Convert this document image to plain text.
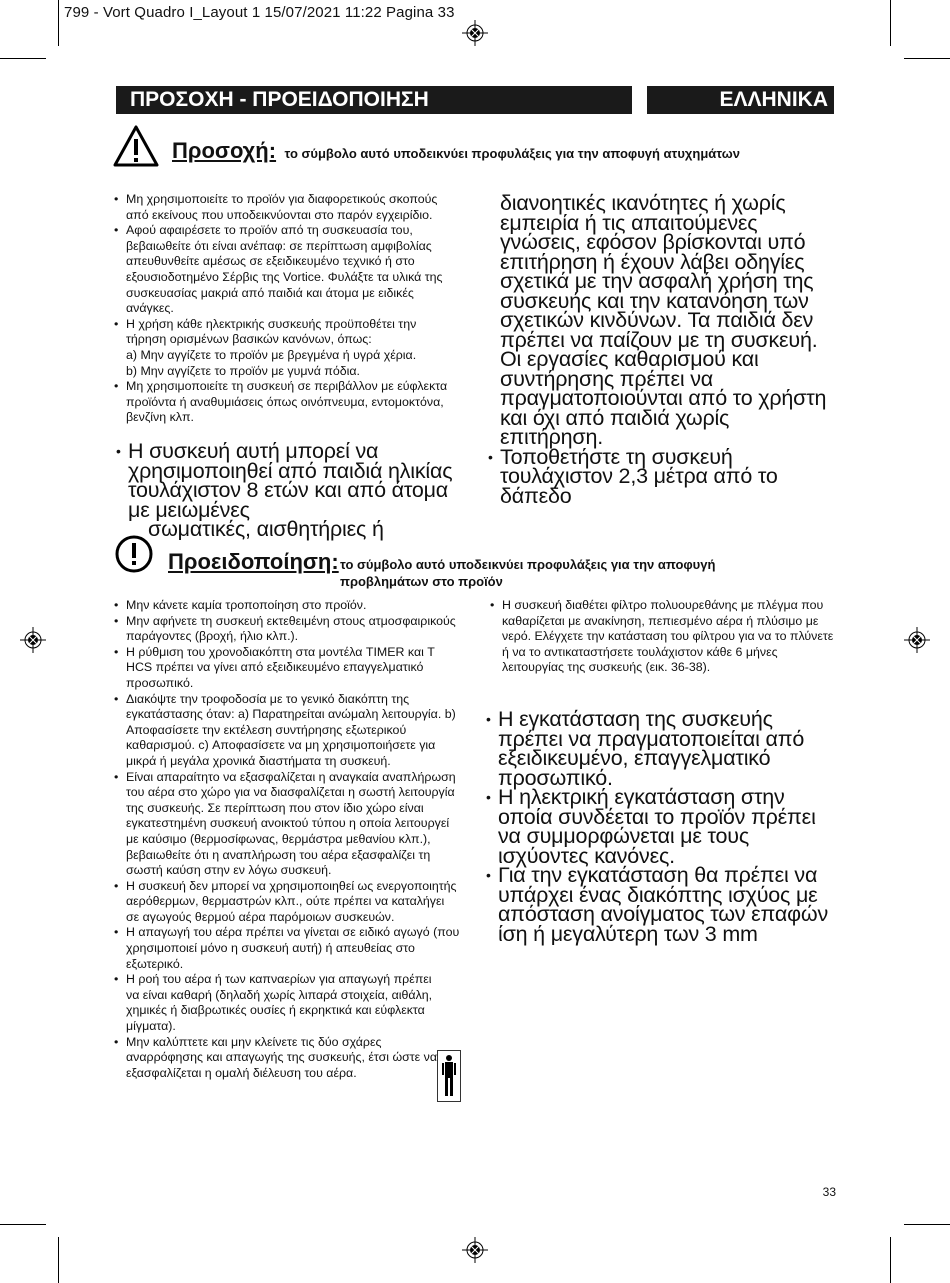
799 - Vort Quadro I_Layout 1 15/07/2021 11:22 Pagina 33
ΠΡΟΣΟΧΗ - ΠΡΟΕΙΔΟΠΟΙΗΣΗ	ΕΛΛΗΝΙΚΑ
Προσοχή: το σύμβολο αυτό υποδεικνύει προφυλάξεις για την αποφυγή ατυχημάτων
• Μη χρησιμοποιείτε το προϊόν για διαφορετικούς σκοπούς από εκείνους που υποδεικνύονται στο παρόν εγχειρίδιο.
• Αφού αφαιρέσετε το προϊόν από τη συσκευασία του, βεβαιωθείτε ότι είναι ανέπαφ: σε περίπτωση αμφιβολίας απευθυνθείτε αμέσως σε εξειδικευμένο τεχνικό ή στο εξουσιοδοτημένο Σέρβις της Vortice. Φυλάξτε τα υλικά της συσκευασίας μακριά από παιδιά και άτομα με ειδικές ανάγκες.
• Η χρήση κάθε ηλεκτρικής συσκευής προϋποθέτει την τήρηση ορισμένων βασικών κανόνων, όπως:
a) Μην αγγίζετε το προϊόν με βρεγμένα ή υγρά χέρια.
b) Μην αγγίζετε το προϊόν με γυμνά πόδια.
• Μη χρησιμοποιείτε τη συσκευή σε περιβάλλον με εύφλεκτα προϊόντα ή αναθυμιάσεις όπως οινόπνευμα, εντομοκτόνα, βενζίνη κλπ.
• Η συσκευή αυτή μπορεί να χρησιμοποιηθεί από παιδιά ηλικίας τουλάχιστον 8 ετών και από άτομα με μειωμένες
σωματικές, αισθητήριες ή
διανοητικές ικανότητες ή χωρίς εμπειρία ή τις απαιτούμενες γνώσεις, εφόσον βρίσκονται υπό επιτήρηση ή έχουν λάβει οδηγίες σχετικά με την ασφαλή χρήση της συσκευής και την κατανόηση των σχετικών κινδύνων. Τα παιδιά δεν πρέπει να παίζουν με τη συσκευή. Οι εργασίες καθαρισμού και συντήρησης πρέπει να πραγματοποιούνται από το χρήστη και όχι από παιδιά χωρίς επιτήρηση.
• Τοποθετήστε τη συσκευή τουλάχιστον 2,3 μέτρα από το δάπεδο
Προειδοποίηση: το σύμβολο αυτό υποδεικνύει προφυλάξεις για την αποφυγή
προβλημάτων στο προϊόν
• Μην κάνετε καμία τροποποίηση στο προϊόν.
• Μην αφήνετε τη συσκευή εκτεθειμένη στους ατμοσφαιρικούς παράγοντες (βροχή, ήλιο κλπ.).
• Η ρύθμιση του χρονοδιακόπτη στα μοντέλα TIMER και T HCS πρέπει να γίνει από εξειδικευμένο επαγγελματικό προσωπικό.
• Διακόψτε την τροφοδοσία με το γενικό διακόπτη της εγκατάστασης όταν: a) Παρατηρείται ανώμαλη λειτουργία. b) Αποφασίσετε την εκτέλεση συντήρησης εξωτερικού καθαρισμού. c) Αποφασίσετε να μη χρησιμοποιήσετε για μικρά ή μεγάλα χρονικά διαστήματα τη συσκευή.
• Είναι απαραίτητο να εξασφαλίζεται η αναγκαία αναπλήρωση του αέρα στο χώρο για να διασφαλίζεται η σωστή λειτουργία της συσκευής. Σε περίπτωση που στον ίδιο χώρο είναι εγκατεστημένη συσκευή ανοικτού τύπου η οποία λειτουργεί με καύσιμο (θερμοσίφωνας, θερμάστρα μεθανίου κλπ.), βεβαιωθείτε ότι η αναπλήρωση του αέρα εξασφαλίζει τη σωστή καύση στην εν λόγω συσκευή.
• Η συσκευή δεν μπορεί να χρησιμοποιηθεί ως ενεργοποιητής αερόθερμων, θερμαστρών κλπ., ούτε πρέπει να καταλήγει σε αγωγούς θερμού αέρα παρόμοιων συσκευών.
• Η απαγωγή του αέρα πρέπει να γίνεται σε ειδικό αγωγό (που χρησιμοποιεί μόνο η συσκευή αυτή) ή απευθείας στο εξωτερικό.
• Η ροή του αέρα ή των καπναερίων για απαγωγή πρέπει να είναι καθαρή (δηλαδή χωρίς λιπαρά στοιχεία, αιθάλη, χημικές ή διαβρωτικές ουσίες ή εκρηκτικά και εύφλεκτα μίγματα).
• Μην καλύπτετε και μην κλείνετε τις δύο σχάρες αναρρόφησης και απαγωγής της συσκευής, έτσι ώστε να εξασφαλίζεται η ομαλή διέλευση του αέρα.
• Η συσκευή διαθέτει φίλτρο πολυουρεθάνης με πλέγμα που καθαρίζεται με ανακίνηση, πεπιεσμένο αέρα ή πλύσιμο με νερό. Ελέγχετε την κατάσταση του φίλτρου για να το πλύνετε ή να το αντικαταστήσετε τουλάχιστον κάθε 6 μήνες λειτουργίας της συσκευής (εικ. 36-38).
• Η εγκατάσταση της συσκευής πρέπει να πραγματοποιείται από εξειδικευμένο, επαγγελματικό προσωπικό.
• Η ηλεκτρική εγκατάσταση στην οποία συνδέεται το προϊόν πρέπει να συμμορφώνεται με τους ισχύοντες κανόνες.
• Για την εγκατάσταση θα πρέπει να υπάρχει ένας διακόπτης ισχύος με απόσταση ανοίγματος των επαφών ίση ή μεγαλύτερη των 3 mm
33
